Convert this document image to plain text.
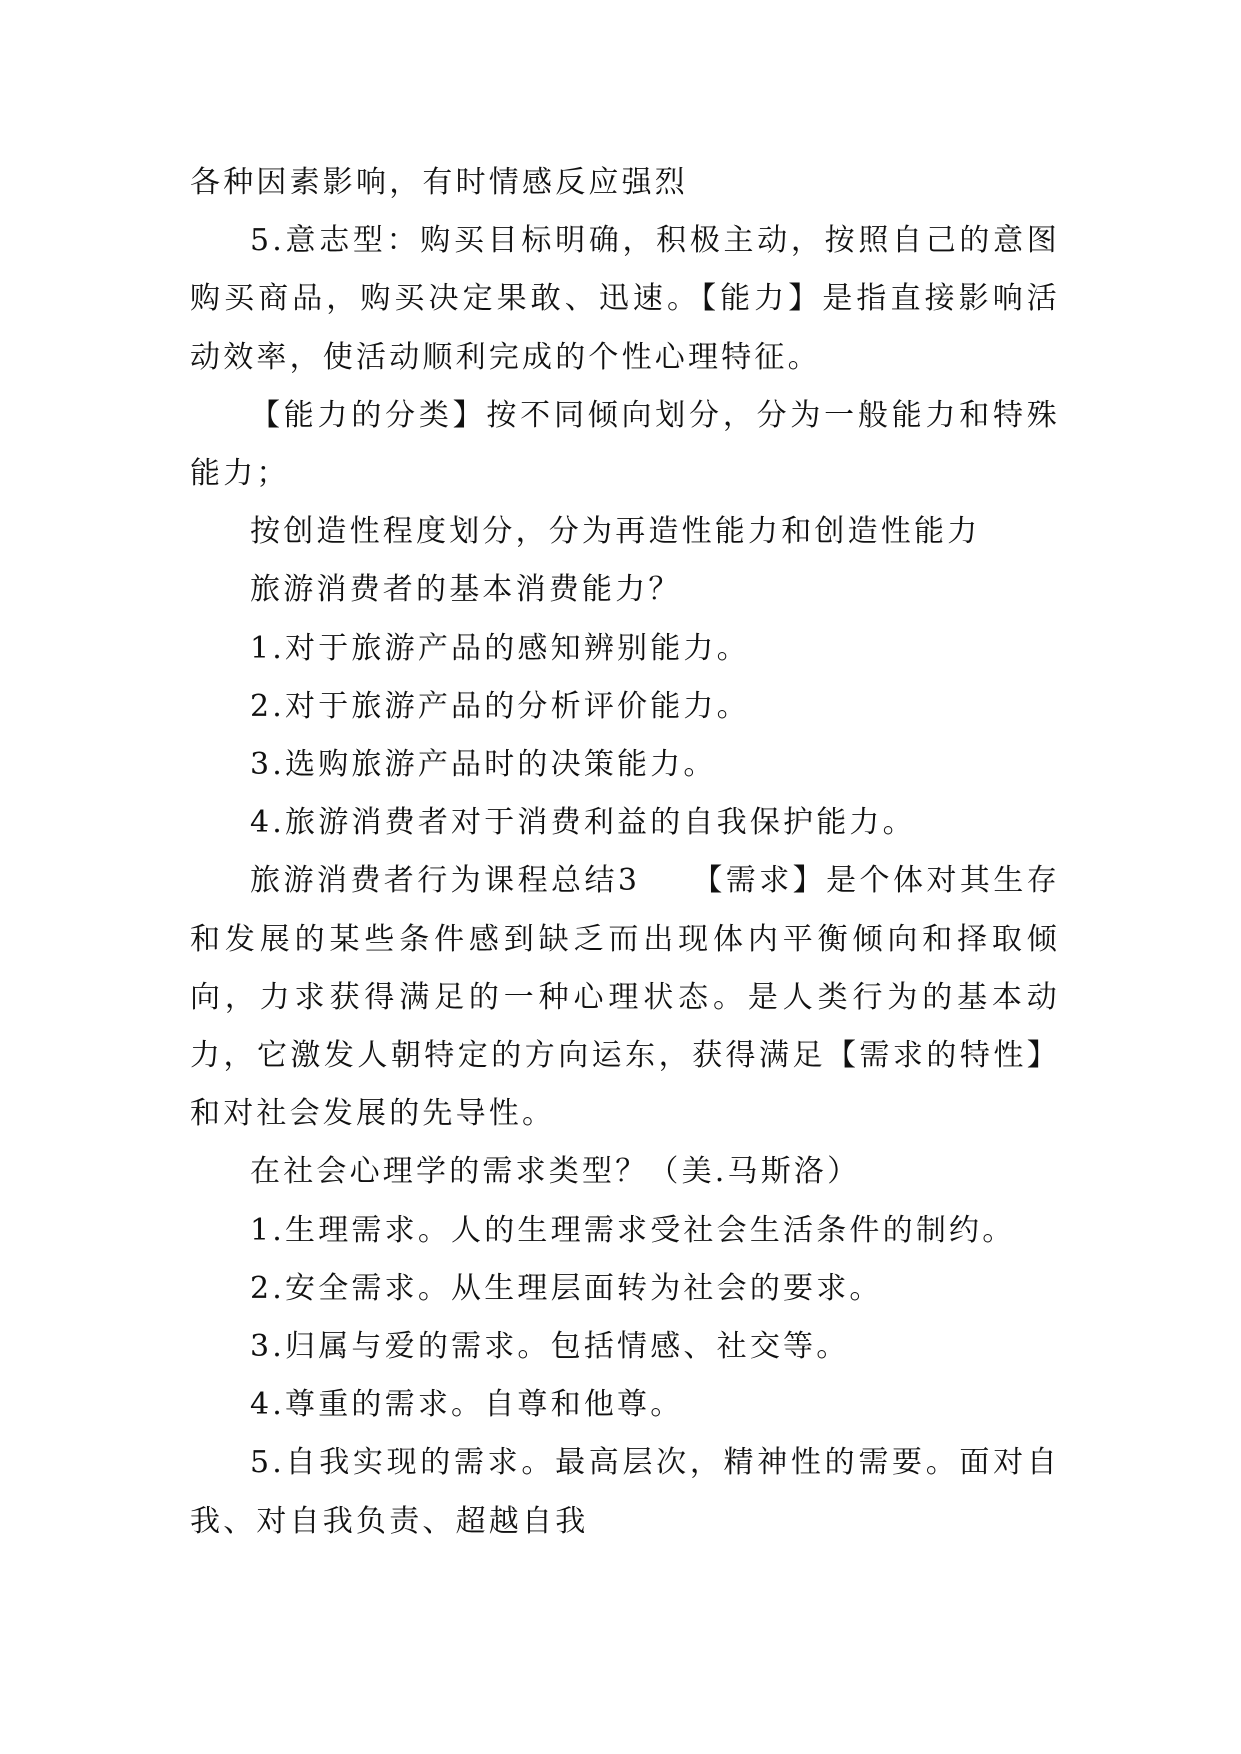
各种因素影响，有时情感反应强烈

5.意志型：购买目标明确，积极主动，按照自己的意图购买商品，购买决定果敢、迅速。【能力】是指直接影响活动效率，使活动顺利完成的个性心理特征。

【能力的分类】按不同倾向划分，分为一般能力和特殊能力；

按创造性程度划分，分为再造性能力和创造性能力

旅游消费者的基本消费能力？

1.对于旅游产品的感知辨别能力。

2.对于旅游产品的分析评价能力。

3.选购旅游产品时的决策能力。

4.旅游消费者对于消费利益的自我保护能力。

旅游消费者行为课程总结3　　【需求】是个体对其生存和发展的某些条件感到缺乏而出现体内平衡倾向和择取倾向，力求获得满足的一种心理状态。是人类行为的基本动力，它激发人朝特定的方向运东，获得满足【需求的特性】和对社会发展的先导性。

在社会心理学的需求类型？（美.马斯洛）

1.生理需求。人的生理需求受社会生活条件的制约。

2.安全需求。从生理层面转为社会的要求。

3.归属与爱的需求。包括情感、社交等。

4.尊重的需求。自尊和他尊。

5.自我实现的需求。最高层次，精神性的需要。面对自我、对自我负责、超越自我
